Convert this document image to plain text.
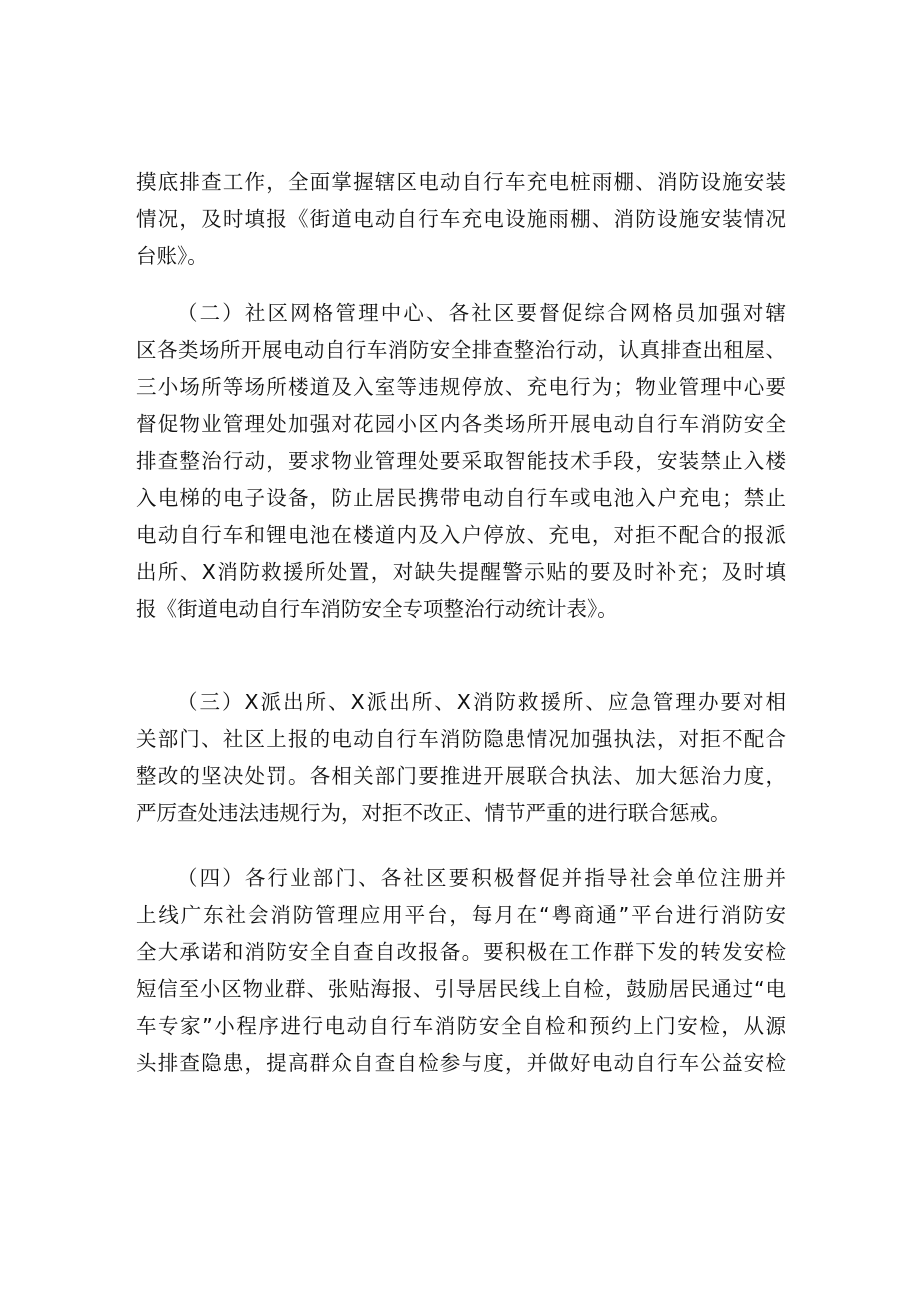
摸底排查工作，全面掌握辖区电动自行车充电桩雨棚、消防设施安装
情况，及时填报《街道电动自行车充电设施雨棚、消防设施安装情况
台账》。
（二）社区网格管理中心、各社区要督促综合网格员加强对辖
区各类场所开展电动自行车消防安全排查整治行动，认真排查出租屋、
三小场所等场所楼道及入室等违规停放、充电行为；物业管理中心要
督促物业管理处加强对花园小区内各类场所开展电动自行车消防安全
排查整治行动，要求物业管理处要采取智能技术手段，安装禁止入楼
入电梯的电子设备，防止居民携带电动自行车或电池入户充电；禁止
电动自行车和锂电池在楼道内及入户停放、充电，对拒不配合的报派
出所、X消防救援所处置，对缺失提醒警示贴的要及时补充；及时填
报《街道电动自行车消防安全专项整治行动统计表》。
（三）X派出所、X派出所、X消防救援所、应急管理办要对相
关部门、社区上报的电动自行车消防隐患情况加强执法，对拒不配合
整改的坚决处罚。各相关部门要推进开展联合执法、加大惩治力度，
严厉查处违法违规行为，对拒不改正、情节严重的进行联合惩戒。
（四）各行业部门、各社区要积极督促并指导社会单位注册并
上线广东社会消防管理应用平台，每月在“粤商通”平台进行消防安
全大承诺和消防安全自查自改报备。要积极在工作群下发的转发安检
短信至小区物业群、张贴海报、引导居民线上自检，鼓励居民通过“电
车专家”小程序进行电动自行车消防安全自检和预约上门安检，从源
头排查隐患，提高群众自查自检参与度，并做好电动自行车公益安检
